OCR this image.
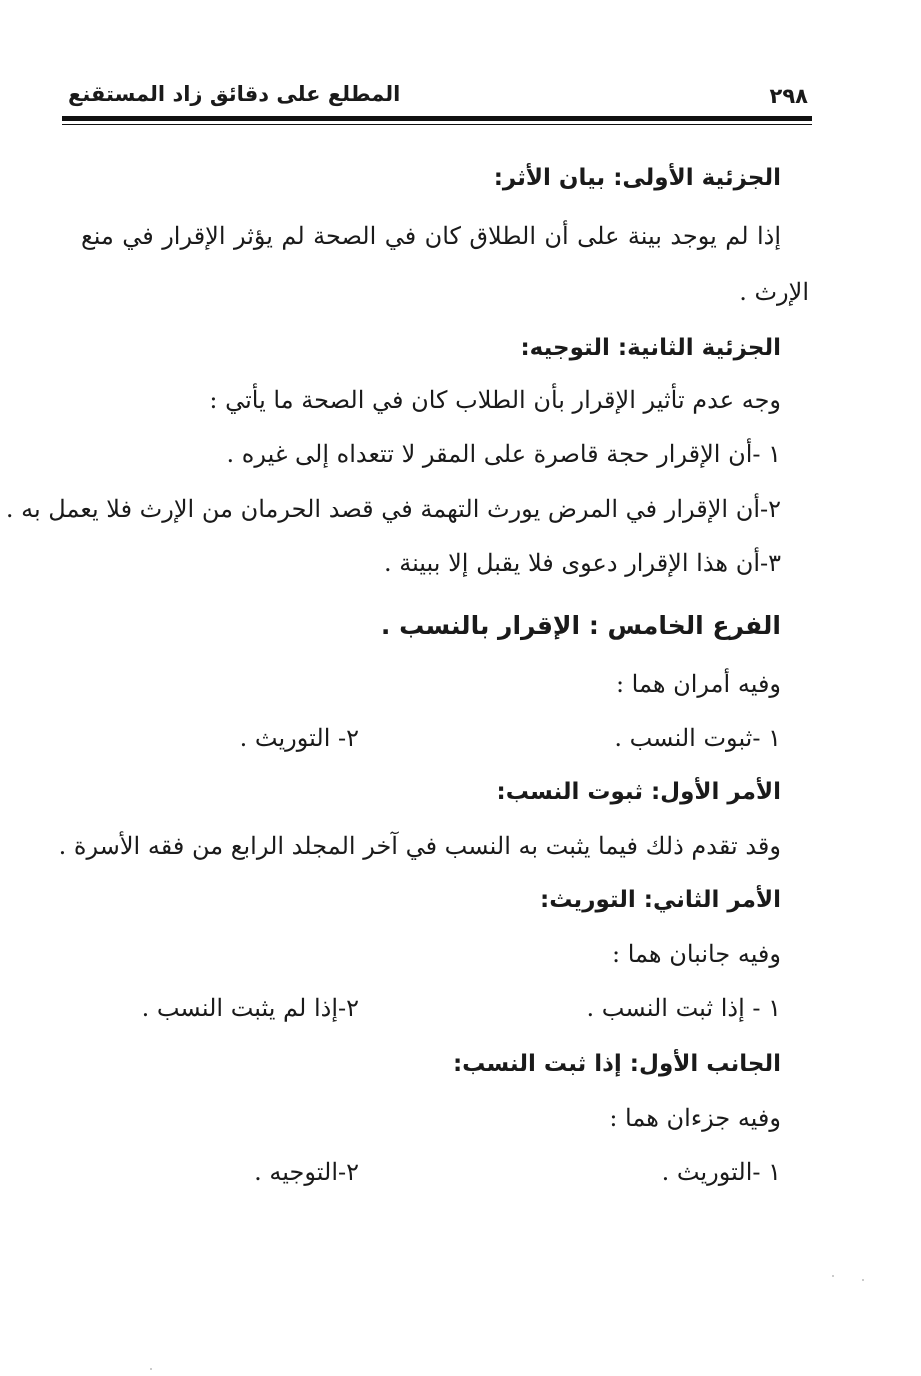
٢٩٨
المطلع على دقائق زاد المستقنع
الجزئية الأولى: بيان الأثر:
إذا لم يوجد بينة على أن الطلاق كان في الصحة لم يؤثر الإقرار في منع
الإرث .
الجزئية الثانية: التوجيه:
وجه عدم تأثير الإقرار بأن الطلاب كان في الصحة ما يأتي :
١ -أن الإقرار حجة قاصرة على المقر لا تتعداه إلى غيره .
٢-أن الإقرار في المرض يورث التهمة في قصد الحرمان من الإرث فلا يعمل به .
٣-أن هذا الإقرار دعوى فلا يقبل إلا ببينة .
الفرع الخامس : الإقرار بالنسب .
وفيه أمران هما :
١ -ثبوت النسب .
٢- التوريث .
الأمر الأول: ثبوت النسب:
وقد تقدم ذلك فيما يثبت به النسب في آخر المجلد الرابع من فقه الأسرة .
الأمر الثاني: التوريث:
وفيه جانبان هما :
١ - إذا ثبت النسب .
٢-إذا لم يثبت النسب .
الجانب الأول: إذا ثبت النسب:
وفيه جزءان هما :
١ -التوريث .
٢-التوجيه .
